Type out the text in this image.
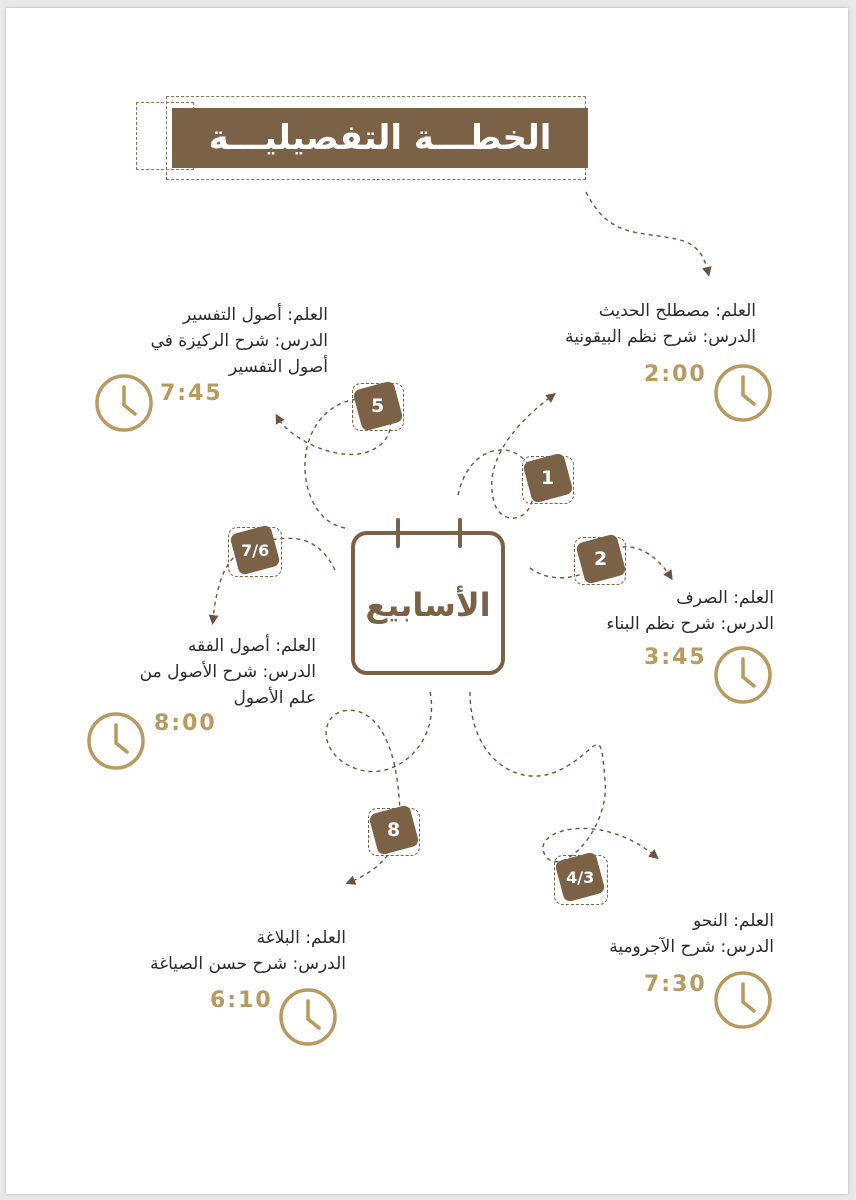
الخطـــة التفصيليـــة
الأسابيع
1
2
4/3
5
7/6
8
العلم: مصطلح الحديث
الدرس: شرح نظم البيقونية
2:00
العلم: الصرف
الدرس: شرح نظم البناء
3:45
العلم: النحو
الدرس: شرح الآجرومية
7:30
العلم: أصول التفسير
الدرس: شرح الركيزة في
أصول التفسير
7:45
العلم: أصول الفقه
الدرس: شرح الأصول من
علم الأصول
8:00
العلم: البلاغة
الدرس: شرح حسن الصياغة
6:10
